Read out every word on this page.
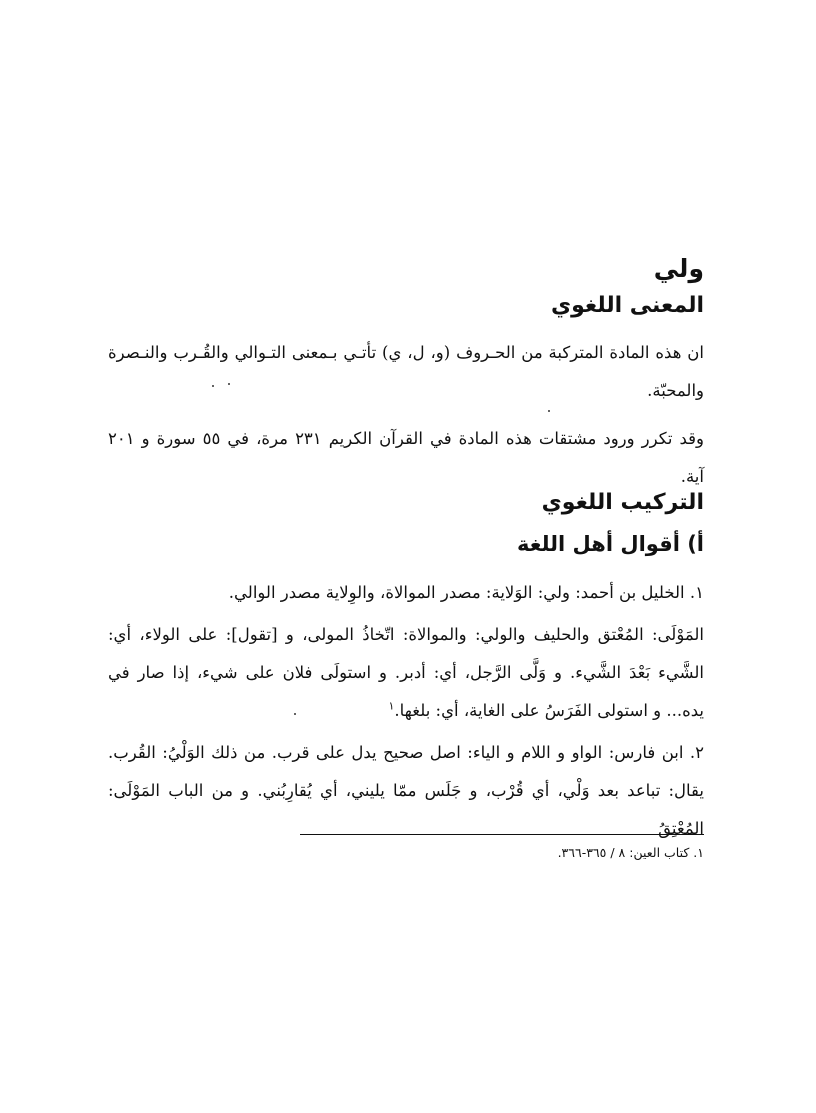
ولي
المعنى اللغوي
ان هذه المادة المتركبة من الحـروف (و، ل، ي) تأتـي بـمعنى التـوالي والقُـرب والنـصرة والمحبّة.
وقد تكرر ورود مشتقات هذه المادة في القرآن الكريم ٢٣١ مرة، في ٥٥ سورة و ٢٠١ آية.
التركيب اللغوي
أ) أقوال أهل اللغة
١. الخليل بن أحمد: ولي: الوَلاية: مصدر الموالاة، والوِلاية مصدر الوالي.
المَوْلَى: المُعْتق والحليف والولي: والموالاة: اتّخاذُ المولى، و [تقول]: على الولاء، أي: الشَّيء بَعْدَ الشَّيء. و وَلَّى الرَّجل، أي: أدبر. و استولَى فلان على شيء، إذا صار في يده... و استولى الفَرَسُ على الغاية، أي: بلغها.$^١$
٢. ابن فارس: الواو و اللام و الياء: اصل صحيح يدل على قرب. من ذلك الوَلْيُ: القُرب. يقال: تباعد بعد وَلْي، أي قُرْب، و جَلَس ممّا يليني، أي يُقارِبُني. و من الباب المَوْلَى: المُعْتِقُ
١. كتاب العين: ٨ / ٣٦٥-٣٦٦.
